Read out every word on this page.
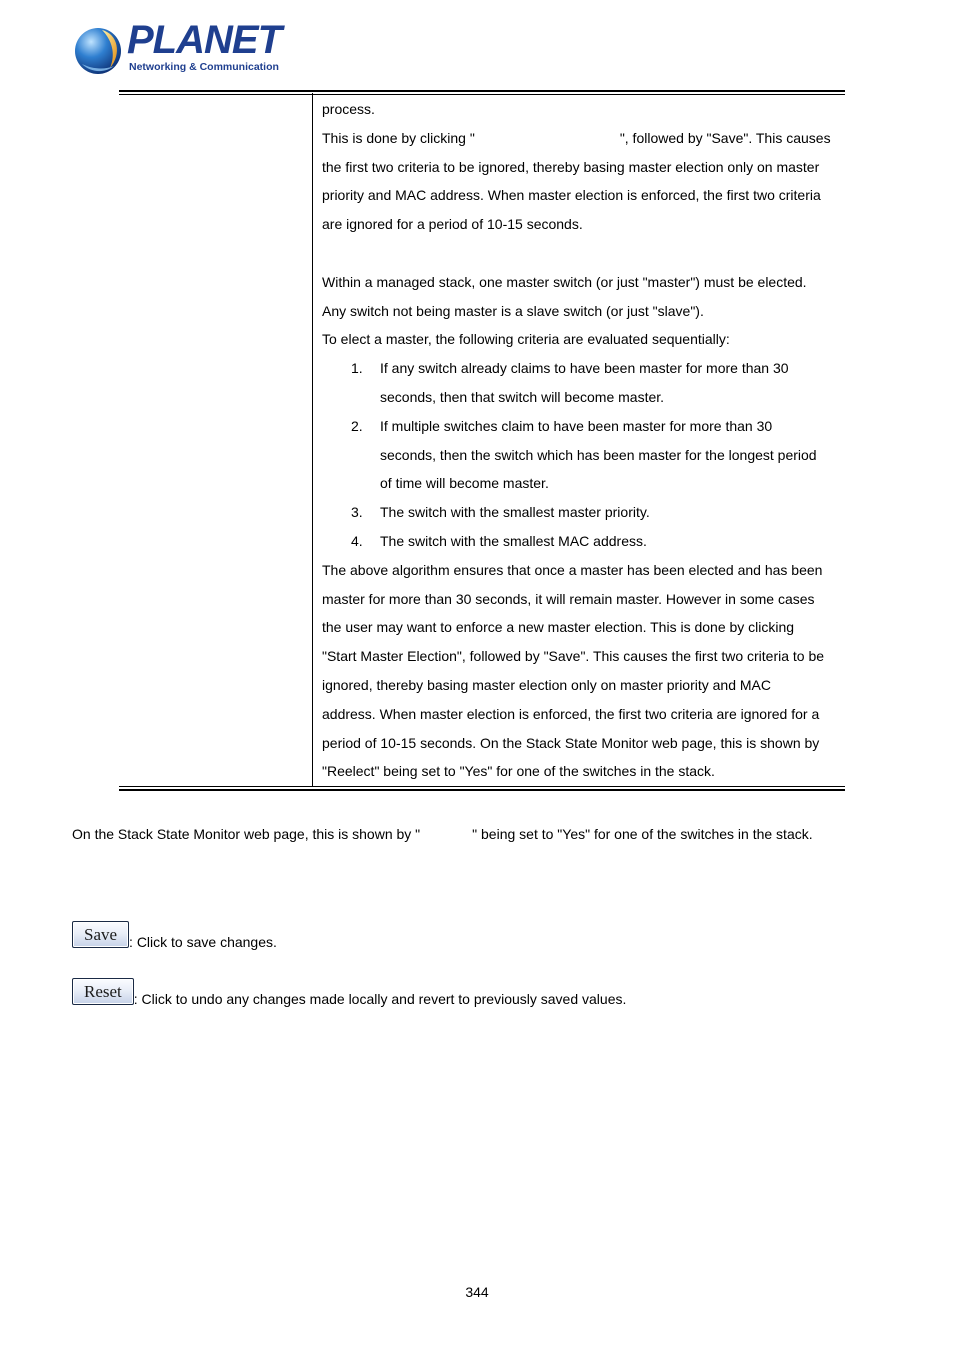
PLANET
Networking & Communication
process.
This is done by clicking "	", followed by "Save". This causes
the first two criteria to be ignored, thereby basing master election only on master
priority and MAC address. When master election is enforced, the first two criteria
are ignored for a period of 10-15 seconds.
Within a managed stack, one master switch (or just "master") must be elected.
Any switch not being master is a slave switch (or just "slave").
To elect a master, the following criteria are evaluated sequentially:
1. If any switch already claims to have been master for more than 30
seconds, then that switch will become master.
2. If multiple switches claim to have been master for more than 30
seconds, then the switch which has been master for the longest period
of time will become master.
3. The switch with the smallest master priority.
4. The switch with the smallest MAC address.
The above algorithm ensures that once a master has been elected and has been
master for more than 30 seconds, it will remain master. However in some cases
the user may want to enforce a new master election. This is done by clicking
"Start Master Election", followed by "Save". This causes the first two criteria to be
ignored, thereby basing master election only on master priority and MAC
address. When master election is enforced, the first two criteria are ignored for a
period of 10-15 seconds. On the Stack State Monitor web page, this is shown by
"Reelect" being set to "Yes" for one of the switches in the stack.
On the Stack State Monitor web page, this is shown by "	" being set to "Yes" for one of the switches in the stack.
Save : Click to save changes.
Reset : Click to undo any changes made locally and revert to previously saved values.
344
